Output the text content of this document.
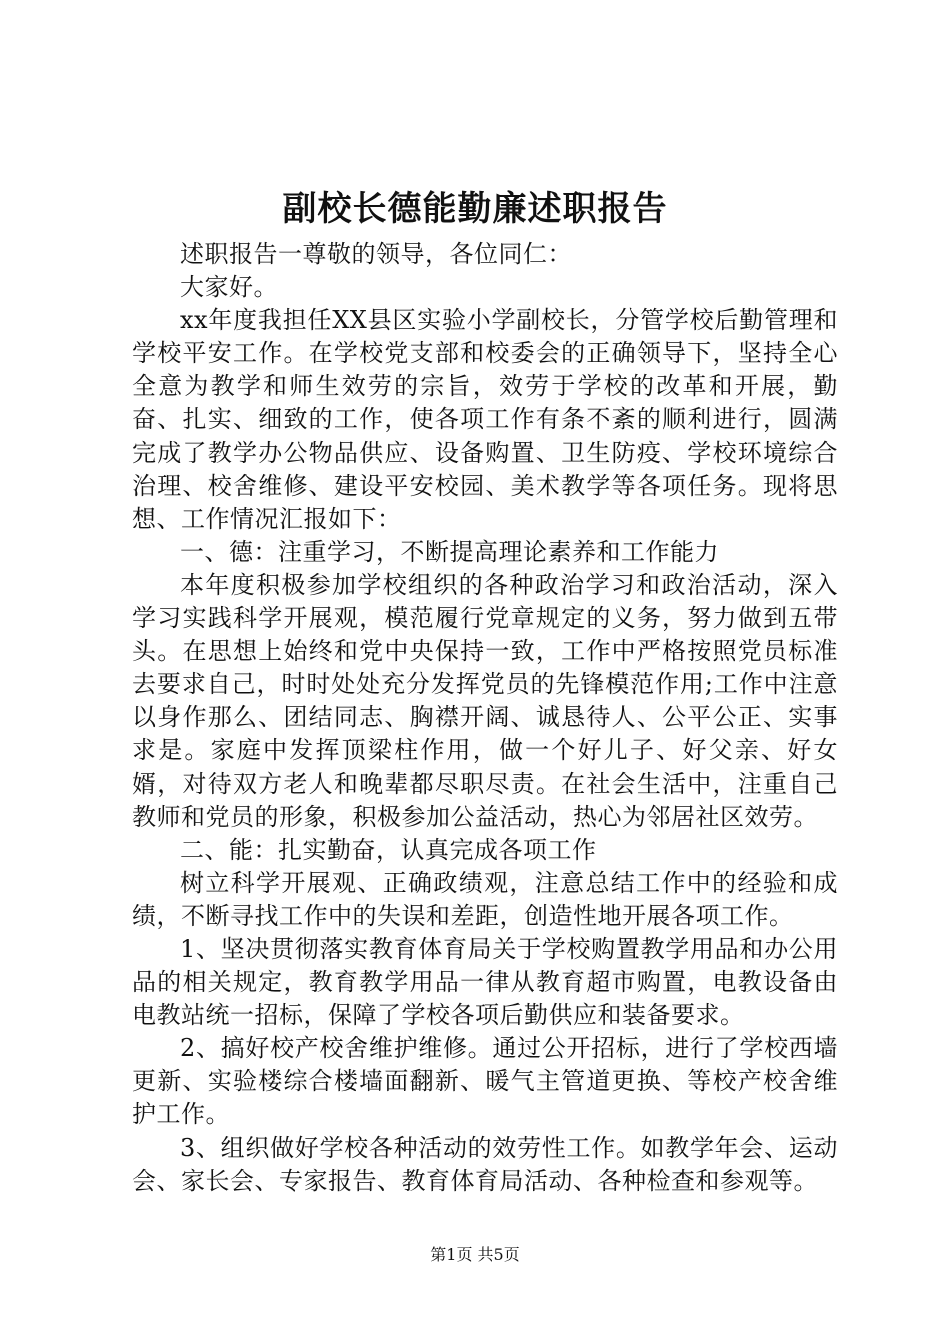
副校长德能勤廉述职报告

述职报告一尊敬的领导，各位同仁：

大家好。

xx年度我担任XX县区实验小学副校长，分管学校后勤管理和学校平安工作。在学校党支部和校委会的正确领导下，坚持全心全意为教学和师生效劳的宗旨，效劳于学校的改革和开展，勤奋、扎实、细致的工作，使各项工作有条不紊的顺利进行，圆满完成了教学办公物品供应、设备购置、卫生防疫、学校环境综合治理、校舍维修、建设平安校园、美术教学等各项任务。现将思想、工作情况汇报如下：

一、德：注重学习，不断提高理论素养和工作能力

本年度积极参加学校组织的各种政治学习和政治活动，深入学习实践科学开展观，模范履行党章规定的义务，努力做到五带头。在思想上始终和党中央保持一致，工作中严格按照党员标准去要求自己，时时处处充分发挥党员的先锋模范作用;工作中注意以身作那么、团结同志、胸襟开阔、诚恳待人、公平公正、实事求是。家庭中发挥顶梁柱作用，做一个好儿子、好父亲、好女婿，对待双方老人和晚辈都尽职尽责。在社会生活中，注重自己教师和党员的形象，积极参加公益活动，热心为邻居社区效劳。

二、能：扎实勤奋，认真完成各项工作

树立科学开展观、正确政绩观，注意总结工作中的经验和成绩，不断寻找工作中的失误和差距，创造性地开展各项工作。

1、坚决贯彻落实教育体育局关于学校购置教学用品和办公用品的相关规定，教育教学用品一律从教育超市购置，电教设备由电教站统一招标，保障了学校各项后勤供应和装备要求。

2、搞好校产校舍维护维修。通过公开招标，进行了学校西墙更新、实验楼综合楼墙面翻新、暖气主管道更换、等校产校舍维护工作。

3、组织做好学校各种活动的效劳性工作。如教学年会、运动会、家长会、专家报告、教育体育局活动、各种检查和参观等。

第1页 共5页
